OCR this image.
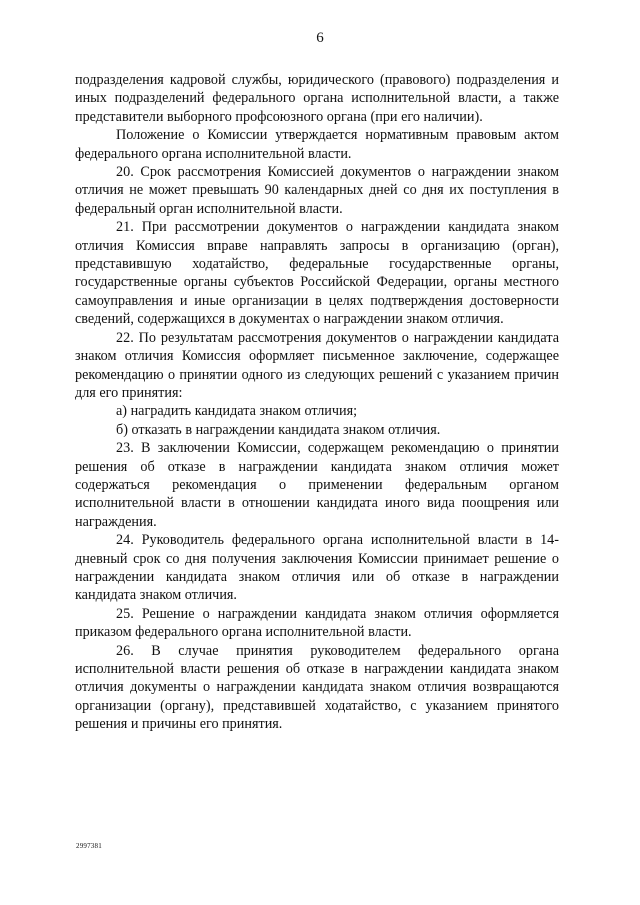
6

подразделения кадровой службы, юридического (правового) подразделения и иных подразделений федерального органа исполнительной власти, а также представители выборного профсоюзного органа (при его наличии).

Положение о Комиссии утверждается нормативным правовым актом федерального органа исполнительной власти.

20. Срок рассмотрения Комиссией документов о награждении знаком отличия не может превышать 90 календарных дней со дня их поступления в федеральный орган исполнительной власти.

21. При рассмотрении документов о награждении кандидата знаком отличия Комиссия вправе направлять запросы в организацию (орган), представившую ходатайство, федеральные государственные органы, государственные органы субъектов Российской Федерации, органы местного самоуправления и иные организации в целях подтверждения достоверности сведений, содержащихся в документах о награждении знаком отличия.

22. По результатам рассмотрения документов о награждении кандидата знаком отличия Комиссия оформляет письменное заключение, содержащее рекомендацию о принятии одного из следующих решений с указанием причин для его принятия:

а) наградить кандидата знаком отличия;

б) отказать в награждении кандидата знаком отличия.

23. В заключении Комиссии, содержащем рекомендацию о принятии решения об отказе в награждении кандидата знаком отличия может содержаться рекомендация о применении федеральным органом исполнительной власти в отношении кандидата иного вида поощрения или награждения.

24. Руководитель федерального органа исполнительной власти в 14-дневный срок со дня получения заключения Комиссии принимает решение о награждении кандидата знаком отличия или об отказе в награждении кандидата знаком отличия.

25. Решение о награждении кандидата знаком отличия оформляется приказом федерального органа исполнительной власти.

26. В случае принятия руководителем федерального органа исполнительной власти решения об отказе в награждении кандидата знаком отличия документы о награждении кандидата знаком отличия возвращаются организации (органу), представившей ходатайство, с указанием принятого решения и причины его принятия.

2997381
